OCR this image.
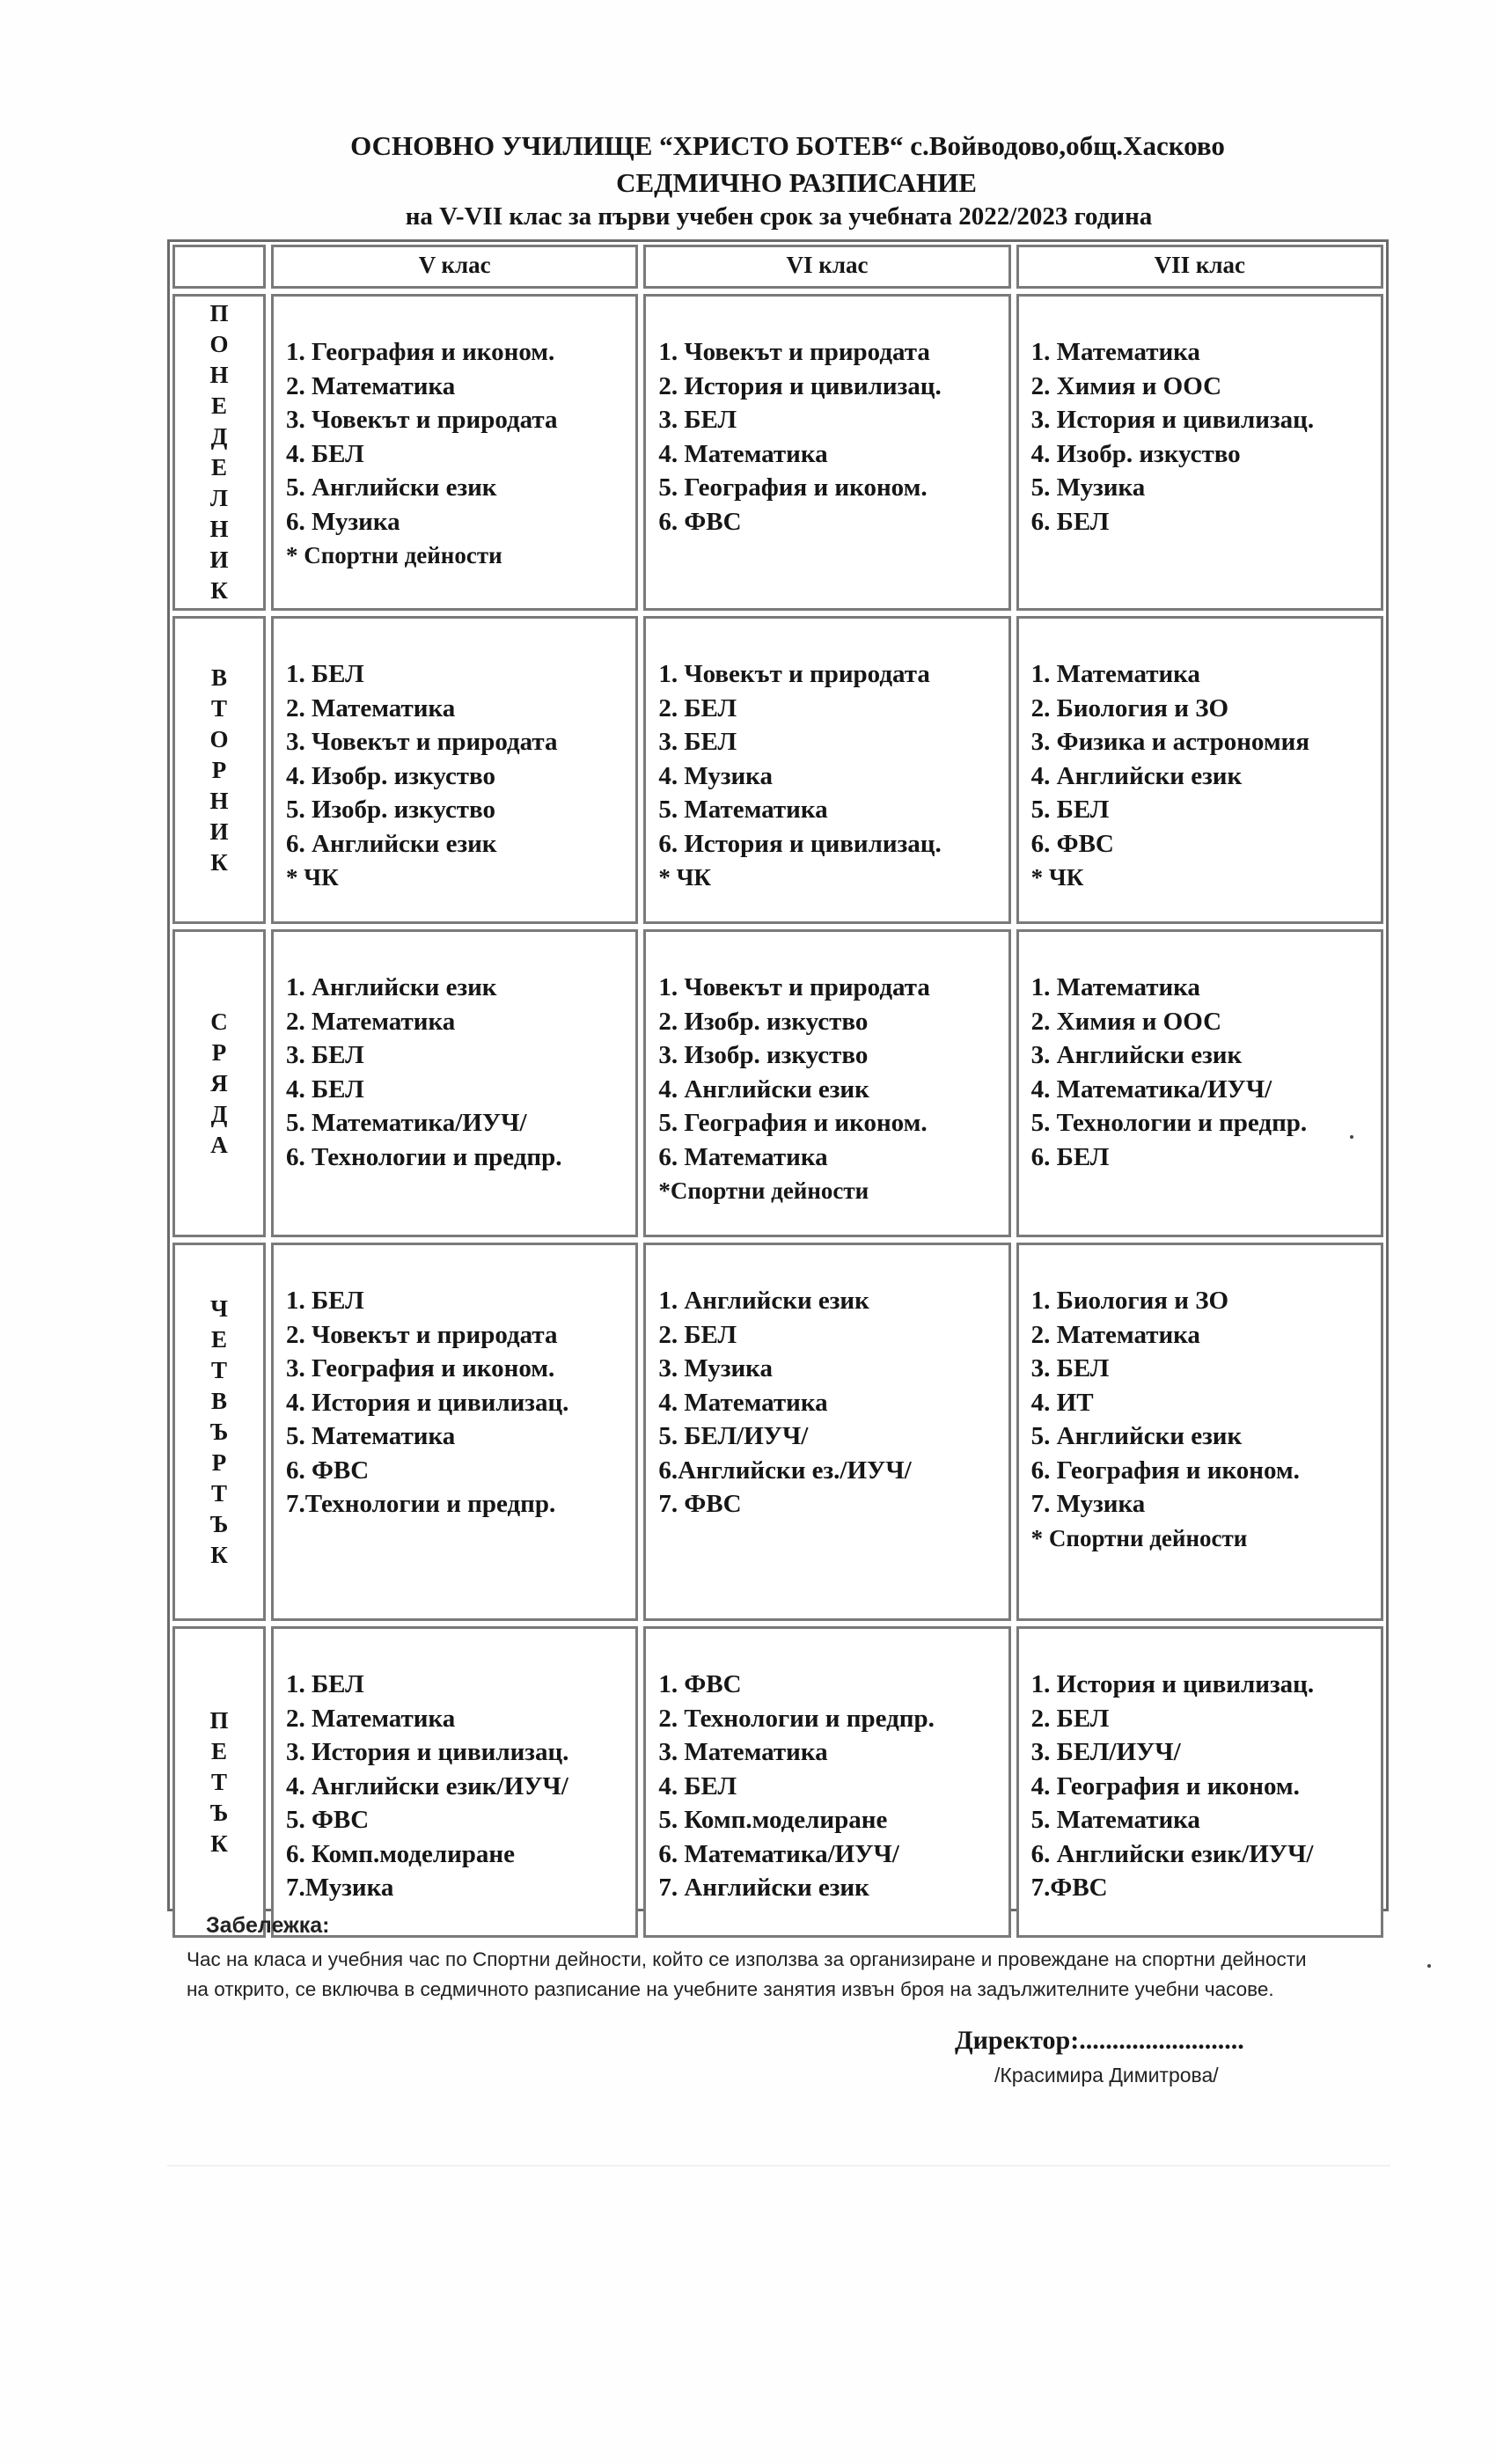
ОСНОВНО УЧИЛИЩЕ “ХРИСТО БОТЕВ“ с.Войводово,общ.Хасково
СЕДМИЧНО РАЗПИСАНИЕ
на V-VII клас за първи учебен срок за учебната 2022/2023 година
V клас	VI клас	VII клас
П
О
Н
Е
Д
Е
Л
Н
И
К
1. География и иконом.
2. Математика
3. Човекът и природата
4. БЕЛ
5. Английски език
6. Музика
* Спортни дейности
1. Човекът и природата
2. История и цивилизац.
3. БЕЛ
4. Математика
5. География и иконом.
6. ФВС
1. Математика
2. Химия и ООС
3. История и цивилизац.
4. Изобр. изкуство
5. Музика
6. БЕЛ
В
Т
О
Р
Н
И
К
1. БЕЛ
2. Математика
3. Човекът и природата
4. Изобр. изкуство
5. Изобр. изкуство
6. Английски език
* ЧК
1. Човекът и природата
2. БЕЛ
3. БЕЛ
4. Музика
5. Математика
6. История и цивилизац.
* ЧК
1. Математика
2. Биология и ЗО
3. Физика и астрономия
4. Английски език
5. БЕЛ
6. ФВС
* ЧК
С
Р
Я
Д
А
1. Английски език
2. Математика
3. БЕЛ
4. БЕЛ
5. Математика/ИУЧ/
6. Технологии и предпр.
1. Човекът и природата
2. Изобр. изкуство
3. Изобр. изкуство
4. Английски език
5. География и иконом.
6. Математика
*Спортни дейности
1. Математика
2. Химия и ООС
3. Английски език
4. Математика/ИУЧ/
5. Технологии и предпр.
6. БЕЛ
Ч
Е
Т
В
Ъ
Р
Т
Ъ
К
1. БЕЛ
2. Човекът и природата
3. География и иконом.
4. История и цивилизац.
5. Математика
6. ФВС
7.Технологии и предпр.
1. Английски език
2. БЕЛ
3. Музика
4. Математика
5. БЕЛ/ИУЧ/
6.Английски ез./ИУЧ/
7. ФВС
1. Биология и ЗО
2. Математика
3. БЕЛ
4. ИТ
5. Английски език
6. География и иконом.
7. Музика
* Спортни дейности
П
Е
Т
Ъ
К
1. БЕЛ
2. Математика
3. История и цивилизац.
4. Английски език/ИУЧ/
5. ФВС
6. Комп.моделиране
7.Музика
1. ФВС
2. Технологии и предпр.
3. Математика
4. БЕЛ
5. Комп.моделиране
6. Математика/ИУЧ/
7. Английски език
1. История и цивилизац.
2. БЕЛ
3. БЕЛ/ИУЧ/
4. География и иконом.
5. Математика
6. Английски език/ИУЧ/
7.ФВС
Забележка:
Час на класа и учебния час по Спортни дейности, който се използва за организиране и провеждане на спортни дейности на открито, се включва в седмичното разписание на учебните занятия извън броя на задължителните учебни часове.
Директор:.........................
/Красимира Димитрова/
